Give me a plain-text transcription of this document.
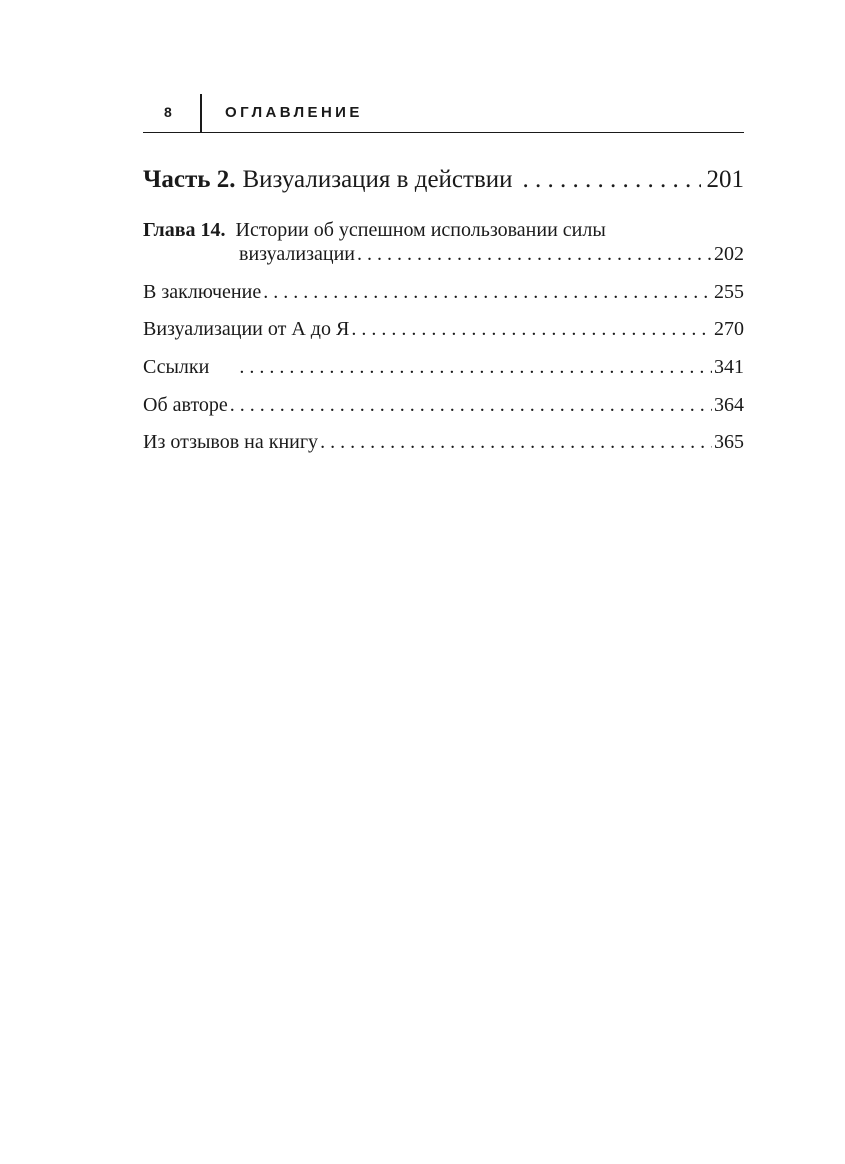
8	ОГЛАВЛЕНИЕ
Часть 2. Визуализация в действии . . .	201
Глава 14. Истории об успешном использовании силы
визуализации . . .	202
В заключение . . .	255
Визуализации от А до Я . . .	270
Ссылки . . .	341
Об авторе . . .	364
Из отзывов на книгу . . .	365
